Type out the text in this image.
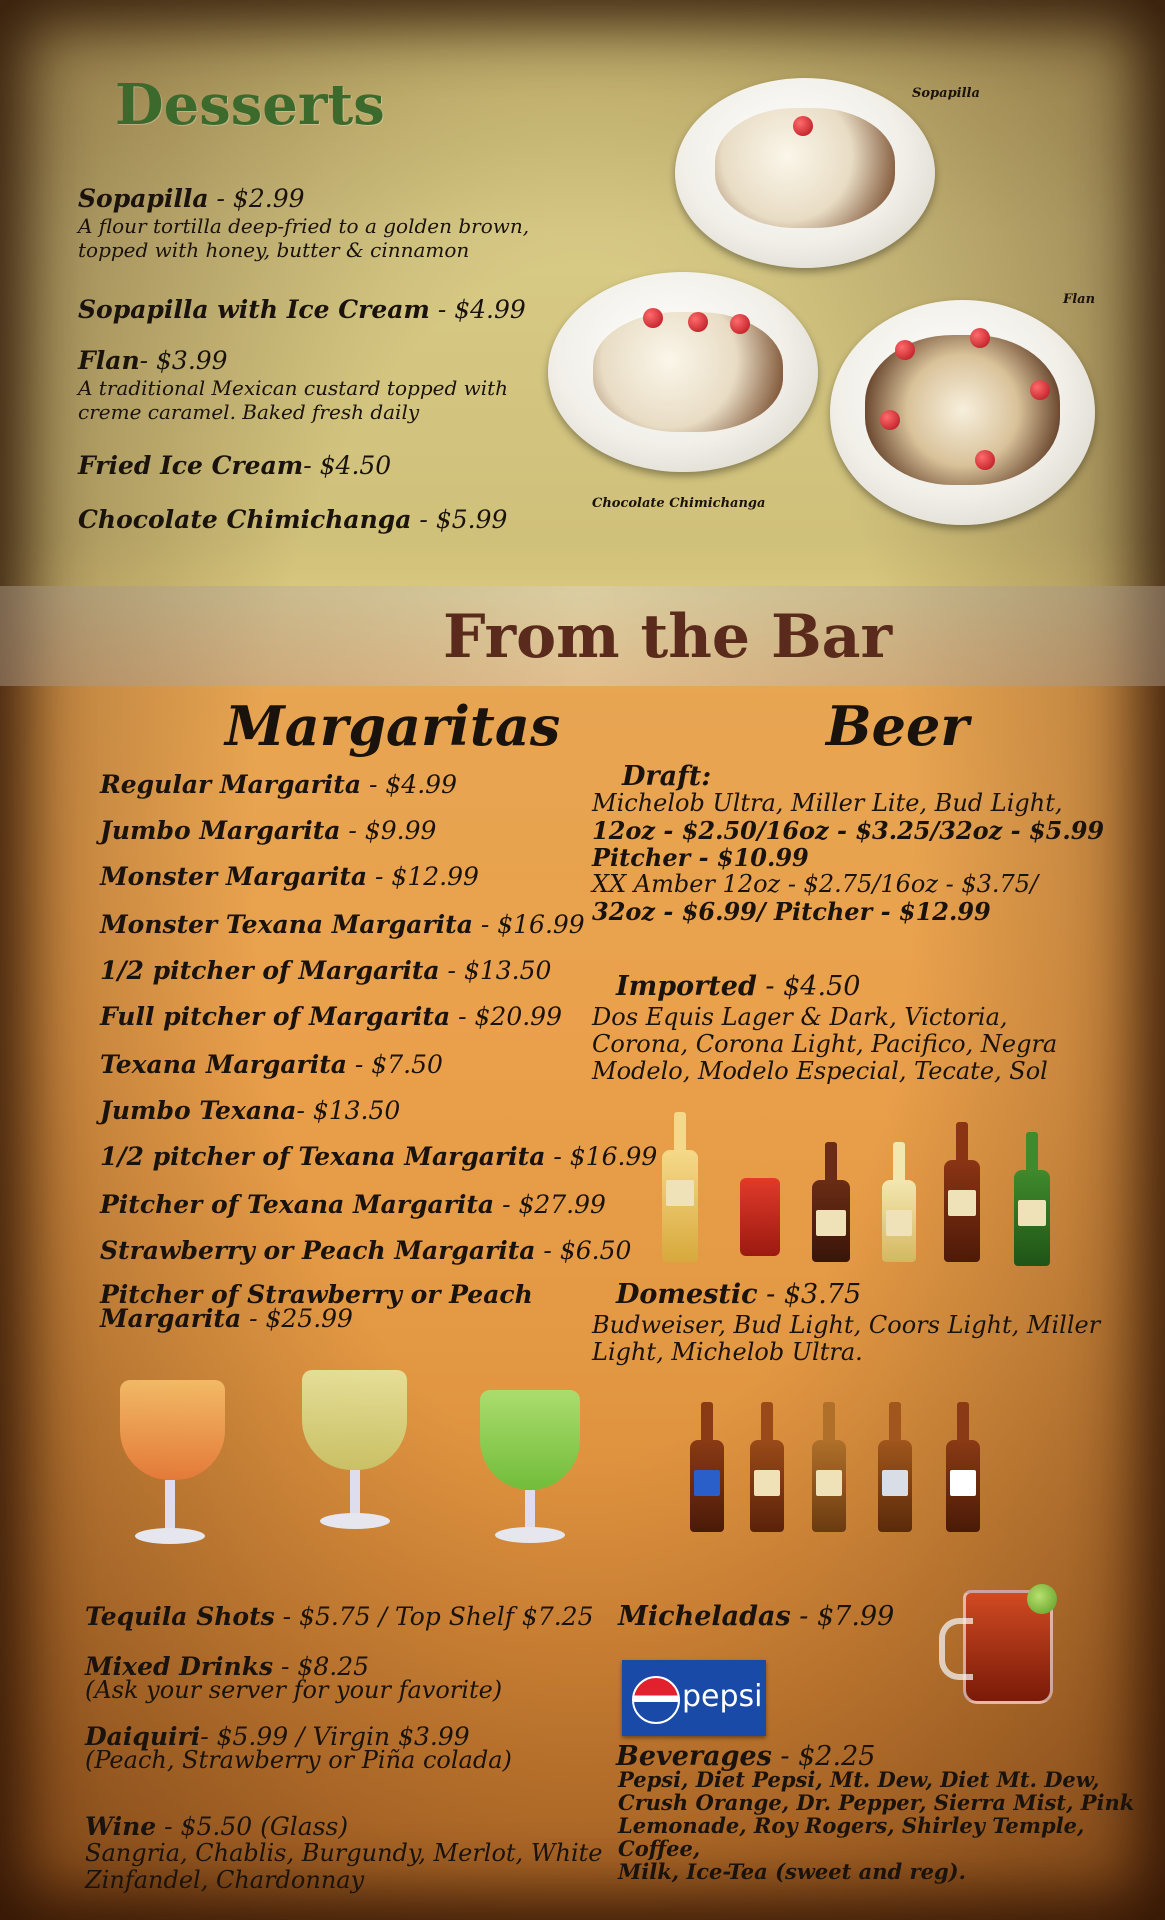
Desserts
Sopapilla - $2.99
A flour tortilla deep-fried to a golden brown, topped with honey, butter & cinnamon
Sopapilla with Ice Cream - $4.99
Flan- $3.99
A traditional Mexican custard topped with creme caramel. Baked fresh daily
Fried Ice Cream- $4.50
Chocolate Chimichanga - $5.99
Sopapilla
Chocolate Chimichanga
Flan
From the Bar
Margaritas
Regular Margarita - $4.99
Jumbo Margarita - $9.99
Monster Margarita - $12.99
Monster Texana Margarita - $16.99
1/2 pitcher of Margarita - $13.50
Full pitcher of Margarita - $20.99
Texana Margarita - $7.50
Jumbo Texana- $13.50
1/2 pitcher of Texana Margarita - $16.99
Pitcher of Texana Margarita - $27.99
Strawberry or Peach Margarita - $6.50
Pitcher of Strawberry or Peach
Margarita - $25.99
Beer
Draft:
Michelob Ultra, Miller Lite, Bud Light,
12oz - $2.50/16oz - $3.25/32oz - $5.99
Pitcher - $10.99
XX Amber 12oz - $2.75/16oz - $3.75/
32oz - $6.99/ Pitcher - $12.99
Imported - $4.50
Dos Equis Lager & Dark, Victoria,
Corona, Corona Light, Pacifico, Negra
Modelo, Modelo Especial, Tecate, Sol
Domestic - $3.75
Budweiser, Bud Light, Coors Light, Miller
Light, Michelob Ultra.
Tequila Shots - $5.75 / Top Shelf $7.25
Mixed Drinks - $8.25
(Ask your server for your favorite)
Daiquiri- $5.99 / Virgin $3.99
(Peach, Strawberry or Piña colada)
Wine - $5.50 (Glass)
Sangria, Chablis, Burgundy, Merlot, White
Zinfandel, Chardonnay
Micheladas - $7.99
pepsi
Beverages - $2.25
Pepsi, Diet Pepsi, Mt. Dew, Diet Mt. Dew,
Crush Orange, Dr. Pepper, Sierra Mist, Pink
Lemonade, Roy Rogers, Shirley Temple, Coffee,
Milk, Ice-Tea (sweet and reg).
